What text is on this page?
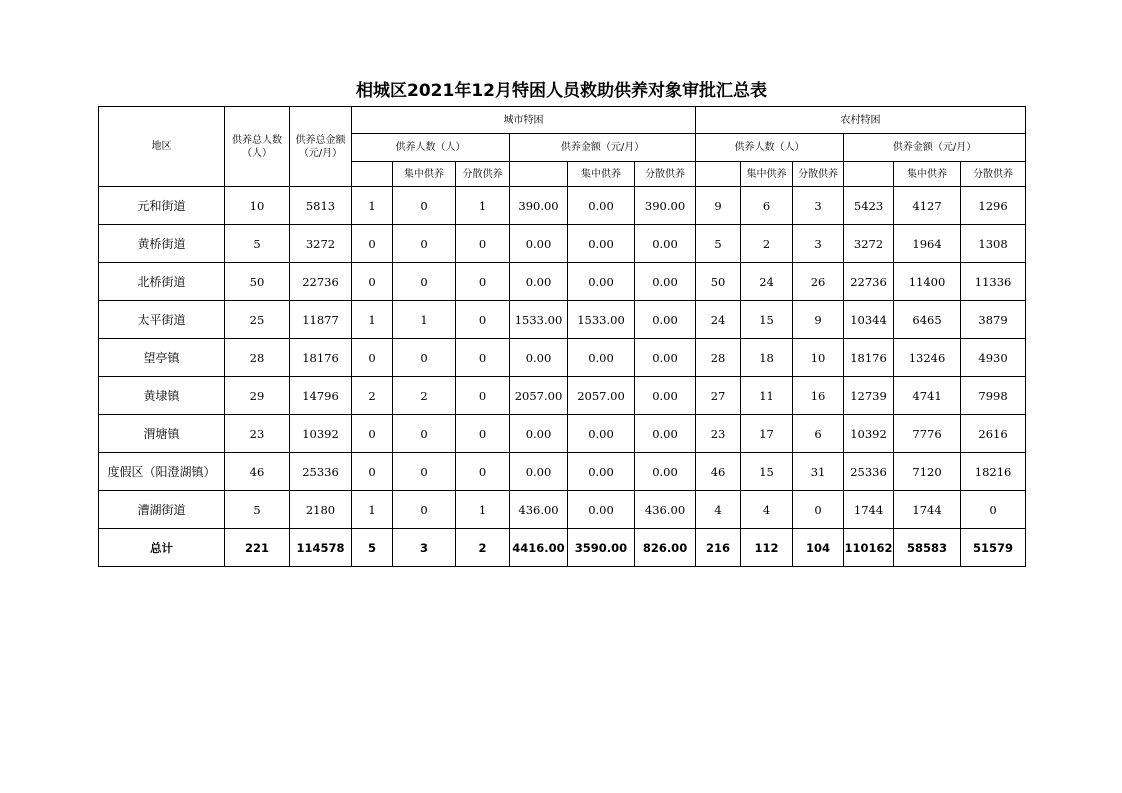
相城区2021年12月特困人员救助供养对象审批汇总表
地区	供养总人数（人）	供养总金额（元/月）	城市特困						农村特困					
			供养人数（人）			供养金额（元/月）			供养人数（人）			供养金额（元/月）		
				集中供养	分散供养		集中供养	分散供养		集中供养	分散供养		集中供养	分散供养
元和街道	10	5813	1	0	1	390.00	0.00	390.00	9	6	3	5423	4127	1296
黄桥街道	5	3272	0	0	0	0.00	0.00	0.00	5	2	3	3272	1964	1308
北桥街道	50	22736	0	0	0	0.00	0.00	0.00	50	24	26	22736	11400	11336
太平街道	25	11877	1	1	0	1533.00	1533.00	0.00	24	15	9	10344	6465	3879
望亭镇	28	18176	0	0	0	0.00	0.00	0.00	28	18	10	18176	13246	4930
黄埭镇	29	14796	2	2	0	2057.00	2057.00	0.00	27	11	16	12739	4741	7998
渭塘镇	23	10392	0	0	0	0.00	0.00	0.00	23	17	6	10392	7776	2616
度假区（阳澄湖镇）	46	25336	0	0	0	0.00	0.00	0.00	46	15	31	25336	7120	18216
漕湖街道	5	2180	1	0	1	436.00	0.00	436.00	4	4	0	1744	1744	0
总计	221	114578	5	3	2	4416.00	3590.00	826.00	216	112	104	110162	58583	51579
